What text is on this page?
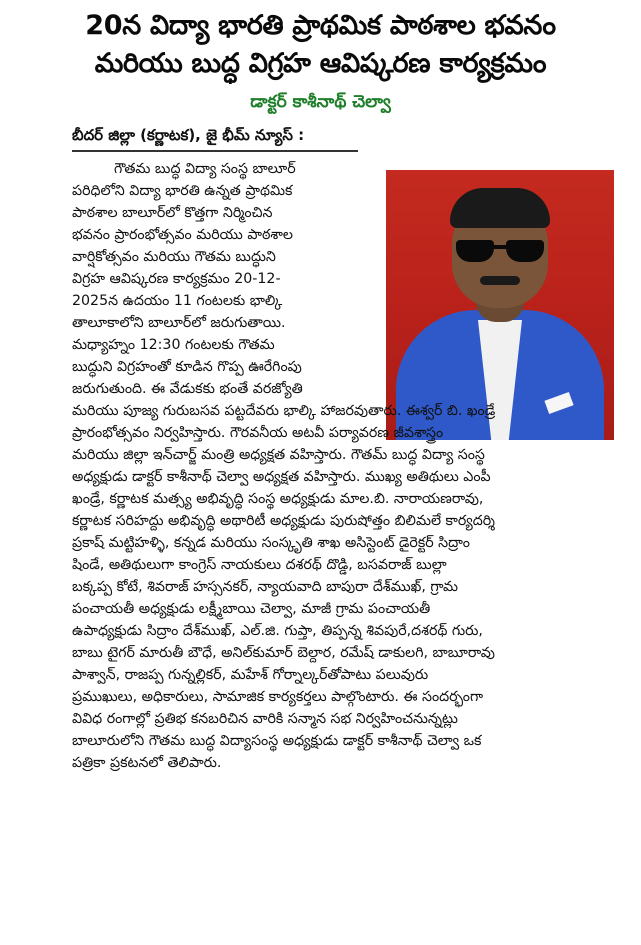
20న విద్యా భారతి ప్రాథమిక పాఠశాల భవనం
మరియు బుద్ధ విగ్రహ ఆవిష్కరణ కార్యక్రమం
డాక్టర్ కాశీనాథ్ చెల్వా
బీదర్ జిల్లా (కర్ణాటక), జై భీమ్ న్యూస్ :
గౌతమ బుద్ధ విద్యా సంస్థ బాలూర్
పరిధిలోని విద్యా భారతి ఉన్నత ప్రాథమిక
పాఠశాల బాలూర్‌లో కొత్తగా నిర్మించిన
భవనం ప్రారంభోత్సవం మరియు పాఠశాల
వార్షికోత్సవం మరియు గౌతమ బుద్ధుని
విగ్రహ ఆవిష్కరణ కార్యక్రమం 20-12-
2025న ఉదయం 11 గంటలకు భాల్కి
తాలూకాలోని బాలూర్‌లో జరుగుతాయి.
మధ్యాహ్నం 12:30 గంటలకు గౌతమ
బుద్ధుని విగ్రహంతో కూడిన గొప్ప ఊరేగింపు
జరుగుతుంది. ఈ వేడుకకు భంతే వరజ్యోతి
మరియు పూజ్య గురుబసవ పట్టదేవరు భాల్కి హాజరవుతారు. ఈశ్వర్ బి. ఖండ్రే
ప్రారంభోత్సవం నిర్వహిస్తారు. గౌరవనీయ అటవీ పర్యావరణ జీవశాస్త్రం
మరియు జిల్లా ఇన్‌చార్జ్ మంత్రి అధ్యక్షత వహిస్తారు. గౌతమ్ బుద్ధ విద్యా సంస్థ
అధ్యక్షుడు డాక్టర్ కాశీనాథ్ చెల్వా అధ్యక్షత వహిస్తారు. ముఖ్య అతిథులు ఎంపీ
ఖండ్రే, కర్ణాటక మత్స్య అభివృద్ధి సంస్థ అధ్యక్షుడు మాల.బి. నారాయణరావు,
కర్ణాటక సరిహద్దు అభివృద్ధి అథారిటీ అధ్యక్షుడు పురుషోత్తం బిలిమలే కార్యదర్శి
ప్రకాష్ మట్టిహళ్ళి, కన్నడ మరియు సంస్కృతి శాఖ అసిస్టెంట్ డైరెక్టర్ సిద్రాం
షిండే, అతిథులుగా కాంగ్రెస్ నాయకులు దశరథ్ దొడ్డి, బసవరాజ్ బుల్లా
బక్కప్ప కోటే, శివరాజ్ హస్సనకర్, న్యాయవాది బాపురా దేశ్‌ముఖ్, గ్రామ
పంచాయతీ అధ్యక్షుడు లక్ష్మీబాయి చెల్వా, మాజీ గ్రామ పంచాయతీ
ఉపాధ్యక్షుడు సిద్రాం దేశ్‌ముఖ్, ఎల్.జి. గుప్తా, తిప్పన్న శివపురే,దశరథ్ గురు,
బాబు టైగర్ మారుతీ బౌధే, అనిల్‌కుమార్ బెల్దార, రమేష్ డాకులగి, బాబూరావు
పాశ్వాన్, రాజప్ప గున్నల్లికర్, మహేశ్ గోర్నాల్కర్‌తోపాటు పలువురు
ప్రముఖులు, అధికారులు, సామాజిక కార్యకర్తలు పాల్గొంటారు. ఈ సందర్భంగా
వివిధ రంగాల్లో ప్రతిభ కనబరిచిన వారికి సన్మాన సభ నిర్వహించనున్నట్లు
బాలూరులోని గౌతమ బుద్ధ విద్యాసంస్థ అధ్యక్షుడు డాక్టర్ కాశీనాథ్ చెల్వా ఒక
పత్రికా ప్రకటనలో తెలిపారు.
